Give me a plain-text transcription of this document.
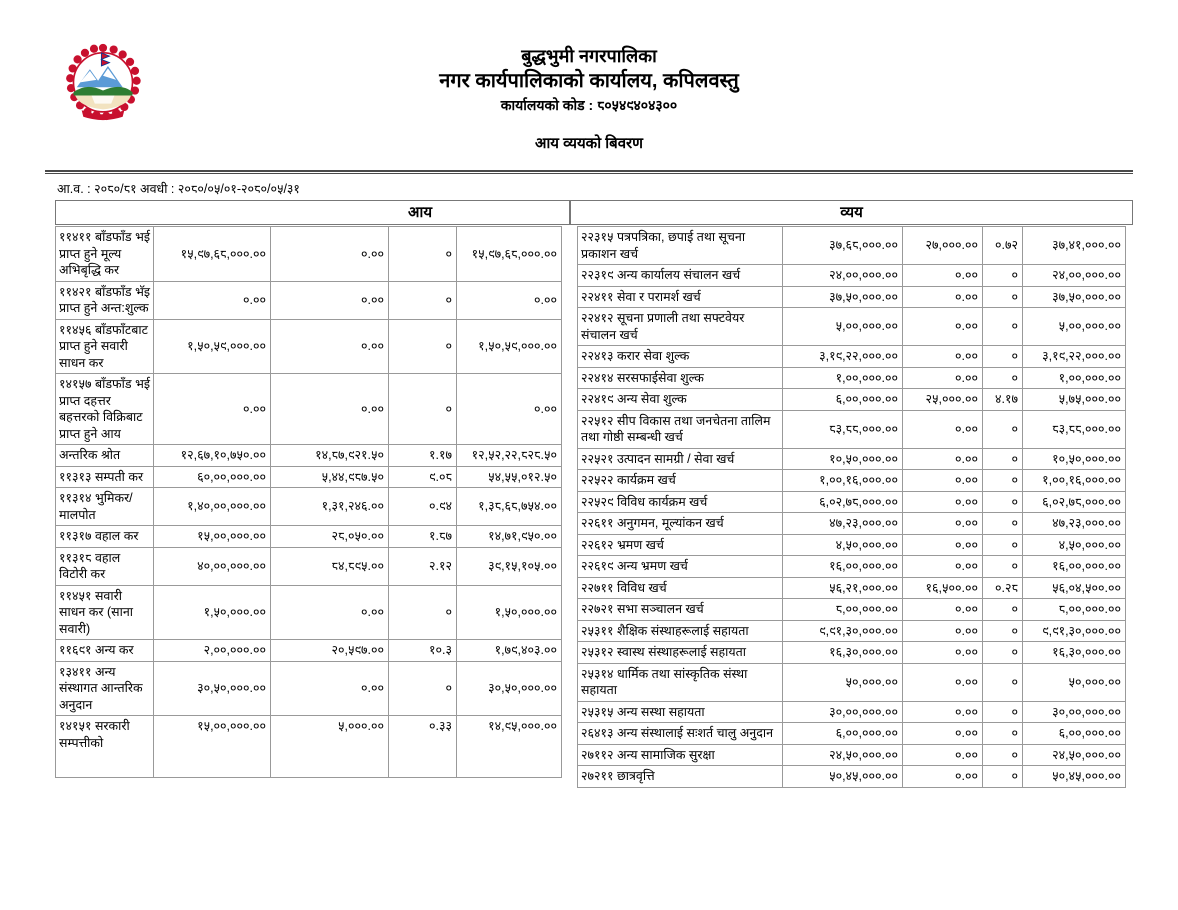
बुद्धभुमी नगरपालिका
नगर कार्यपालिकाको कार्यालय, कपिलवस्तु
कार्यालयको कोड : ८०५४९४०४३००
आय व्ययको बिवरण
आ.व. : २०८०/८१ अवधी : २०८०/०५/०१-२०८०/०५/३१
आय
११४११ बाँडफाँड भई प्राप्त हुने मूल्य अभिबृद्धि कर	१५,९७,६८,०००.००	०.००	०	१५,९७,६८,०००.००
११४२१ बाँडफाँड भॅइ प्राप्त हुने अन्त:शुल्क	०.००	०.००	०	०.००
११४५६ बाँडफाँटबाट प्राप्त हुने सवारी साधन कर	१,५०,५९,०००.००	०.००	०	१,५०,५९,०००.००
१४१५७ बाँडफाँड भई प्राप्त दहत्तर बहत्तरको विक्रिबाट प्राप्त हुने आय	०.००	०.००	०	०.००
अन्तरिक श्रोत	१२,६७,१०,७५०.००	१४,८७,९२१.५०	१.१७	१२,५२,२२,८२८.५०
११३१३ सम्पती कर	६०,००,०००.००	५,४४,९८७.५०	९.०८	५४,५५,०१२.५०
११३१४ भुमिकर/मालपोत	१,४०,००,०००.००	१,३१,२४६.००	०.९४	१,३८,६८,७५४.००
११३१७ वहाल कर	१५,००,०००.००	२८,०५०.००	१.८७	१४,७१,९५०.००
११३१८ वहाल विटोरी कर	४०,००,०००.००	८४,८९५.००	२.१२	३९,१५,१०५.००
११४५१ सवारी साधन कर (साना सवारी)	१,५०,०००.००	०.००	०	१,५०,०००.००
११६९१ अन्य कर	२,००,०००.००	२०,५९७.००	१०.३	१,७९,४०३.००
१३४११ अन्य संस्थागत आन्तरिक अनुदान	३०,५०,०००.००	०.००	०	३०,५०,०००.००
१४१५१ सरकारी सम्पत्तीको	१५,००,०००.००	५,०००.००	०.३३	१४,९५,०००.००
व्यय
२२३१५ पत्रपत्रिका, छपाई तथा सूचना प्रकाशन खर्च	३७,६८,०००.००	२७,०००.००	०.७२	३७,४१,०००.००
२२३१९ अन्य कार्यालय संचालन खर्च	२४,००,०००.००	०.००	०	२४,००,०००.००
२२४११ सेवा र परामर्श खर्च	३७,५०,०००.००	०.००	०	३७,५०,०००.००
२२४१२ सूचना प्रणाली तथा सफ्टवेयर संचालन खर्च	५,००,०००.००	०.००	०	५,००,०००.००
२२४१३ करार सेवा शुल्क	३,१९,२२,०००.००	०.००	०	३,१९,२२,०००.००
२२४१४ सरसफाईसेवा शुल्क	१,००,०००.००	०.००	०	१,००,०००.००
२२४१९ अन्य सेवा शुल्क	६,००,०००.००	२५,०००.००	४.१७	५,७५,०००.००
२२५१२ सीप विकास तथा जनचेतना तालिम तथा गोष्ठी सम्बन्धी खर्च	८३,८८,०००.००	०.००	०	८३,८८,०००.००
२२५२१ उत्पादन सामग्री / सेवा खर्च	१०,५०,०००.००	०.००	०	१०,५०,०००.००
२२५२२ कार्यक्रम खर्च	१,००,१६,०००.००	०.००	०	१,००,१६,०००.००
२२५२९ विविध कार्यक्रम खर्च	६,०२,७८,०००.००	०.००	०	६,०२,७८,०००.००
२२६११ अनुगमन, मूल्यांकन खर्च	४७,२३,०००.००	०.००	०	४७,२३,०००.००
२२६१२ भ्रमण खर्च	४,५०,०००.००	०.००	०	४,५०,०००.००
२२६१९ अन्य भ्रमण खर्च	१६,००,०००.००	०.००	०	१६,००,०००.००
२२७११ विविध खर्च	५६,२१,०००.००	१६,५००.००	०.२८	५६,०४,५००.००
२२७२१ सभा सञ्चालन खर्च	८,००,०००.००	०.००	०	८,००,०००.००
२५३११ शैक्षिक संस्थाहरूलाई सहायता	९,९१,३०,०००.००	०.००	०	९,९१,३०,०००.००
२५३१२ स्वास्थ संस्थाहरूलाई सहायता	१६,३०,०००.००	०.००	०	१६,३०,०००.००
२५३१४ धार्मिक तथा सांस्कृतिक संस्था सहायता	५०,०००.००	०.००	०	५०,०००.००
२५३१५ अन्य सस्था सहायता	३०,००,०००.००	०.००	०	३०,००,०००.००
२६४१३ अन्य संस्थालाई सःशर्त चालु अनुदान	६,००,०००.००	०.००	०	६,००,०००.००
२७११२ अन्य सामाजिक सुरक्षा	२४,५०,०००.००	०.००	०	२४,५०,०००.००
२७२११ छात्रवृत्ति	५०,४५,०००.००	०.००	०	५०,४५,०००.००
